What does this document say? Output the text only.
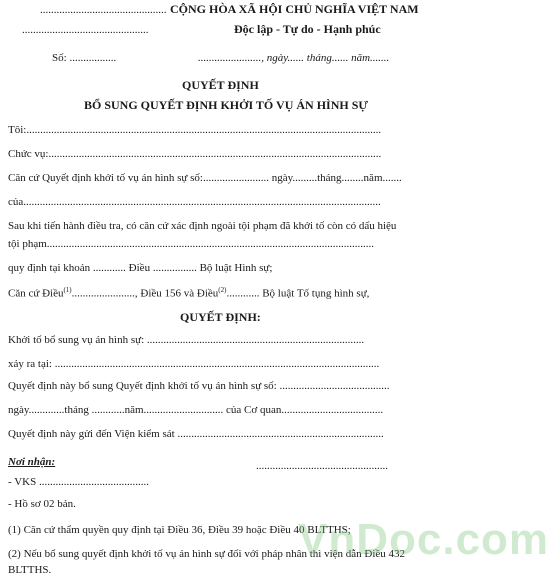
..............................................
..............................................
CỘNG HÒA XÃ HỘI CHỦ NGHĨA VIỆT NAM
Độc lập - Tự do - Hạnh phúc
Số: .................	......................., ngày...... tháng...... năm.......
QUYẾT ĐỊNH
BỔ SUNG QUYẾT ĐỊNH KHỞI TỐ VỤ ÁN HÌNH SỰ
Tôi:.................................................................................................................................
Chức vụ:.........................................................................................................................
Căn cứ Quyết định khởi tố vụ án hình sự số:........................ ngày.........tháng........năm.......
của..................................................................................................................................
Sau khi tiến hành điều tra, có căn cứ xác định ngoài tội phạm đã khởi tố còn có dấu hiệu
tội phạm.......................................................................................................................
quy định tại khoản ............ Điều ................ Bộ luật Hình sự;
Căn cứ Điều$^{(1)}$......................., Điều 156 và Điều$^{(2)}$............ Bộ luật Tố tụng hình sự,
QUYẾT ĐỊNH:
Khởi tố bổ sung vụ án hình sự: ...............................................................................
xảy ra tại: ......................................................................................................................
Quyết định này bổ sung Quyết định khởi tố vụ án hình sự số: ........................................
ngày.............tháng ............năm............................. của Cơ quan.....................................
Quyết định này gửi đến Viện kiểm sát ...........................................................................
Nơi nhận:
- VKS ........................................
- Hồ sơ 02 bản.
................................................
(1) Căn cứ thẩm quyền quy định tại Điều 36, Điều 39 hoặc Điều 40 BLTTHS;
(2) Nếu bổ sung quyết định khởi tố vụ án hình sự đối với pháp nhân thì viện dẫn Điều 432
BLTTHS.
VnDoc.com
